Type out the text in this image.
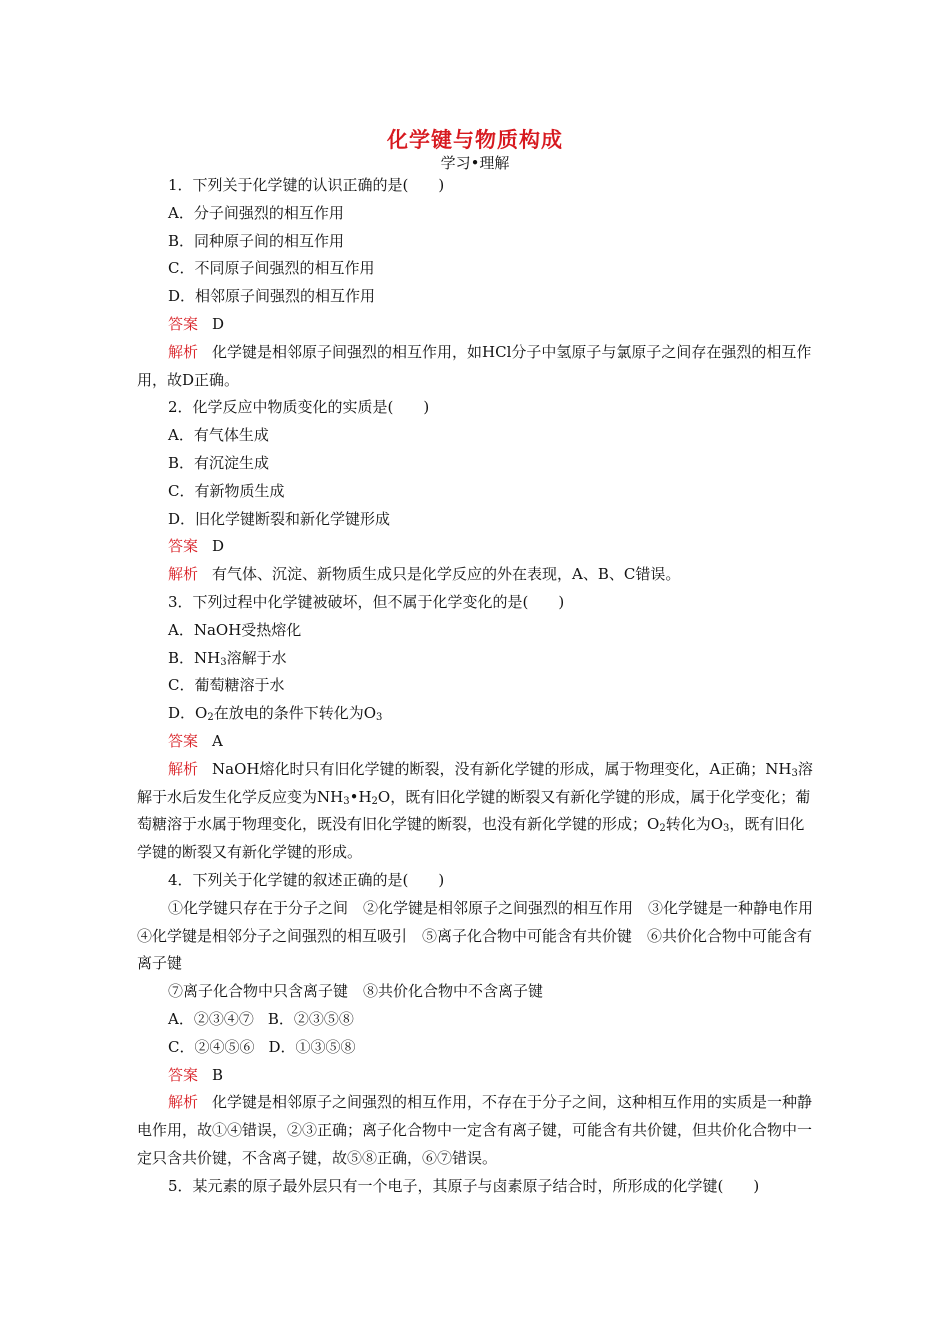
化学键与物质构成
学习•理解

1．下列关于化学键的认识正确的是(　　)

A．分子间强烈的相互作用

B．同种原子间的相互作用

C．不同原子间强烈的相互作用

D．相邻原子间强烈的相互作用

答案 D

解析 化学键是相邻原子间强烈的相互作用，如HCl分子中氢原子与氯原子之间存在强烈的相互作用，故D正确。

2．化学反应中物质变化的实质是(　　)

A．有气体生成

B．有沉淀生成

C．有新物质生成

D．旧化学键断裂和新化学键形成

答案 D

解析 有气体、沉淀、新物质生成只是化学反应的外在表现，A、B、C错误。

3．下列过程中化学键被破坏，但不属于化学变化的是(　　)

A．NaOH受热熔化

B．$NH_3$溶解于水

C．葡萄糖溶于水

D．$O_2$在放电的条件下转化为$O_3$

答案 A

解析 NaOH熔化时只有旧化学键的断裂，没有新化学键的形成，属于物理变化，A正确；$NH_3$溶解于水后发生化学反应变为$NH_3•H_2O$，既有旧化学键的断裂又有新化学键的形成，属于化学变化；葡萄糖溶于水属于物理变化，既没有旧化学键的断裂，也没有新化学键的形成；$O_2$转化为$O_3$，既有旧化学键的断裂又有新化学键的形成。

4．下列关于化学键的叙述正确的是(　　)

①化学键只存在于分子之间　②化学键是相邻原子之间强烈的相互作用　③化学键是一种静电作用　④化学键是相邻分子之间强烈的相互吸引　⑤离子化合物中可能含有共价键　⑥共价化合物中可能含有离子键

⑦离子化合物中只含离子键　⑧共价化合物中不含离子键

A．②③④⑦ B．②③⑤⑧

C．②④⑤⑥ D．①③⑤⑧

答案 B

解析 化学键是相邻原子之间强烈的相互作用，不存在于分子之间，这种相互作用的实质是一种静电作用，故①④错误，②③正确；离子化合物中一定含有离子键，可能含有共价键，但共价化合物中一定只含共价键，不含离子键，故⑤⑧正确，⑥⑦错误。

5．某元素的原子最外层只有一个电子，其原子与卤素原子结合时，所形成的化学键(　　)
